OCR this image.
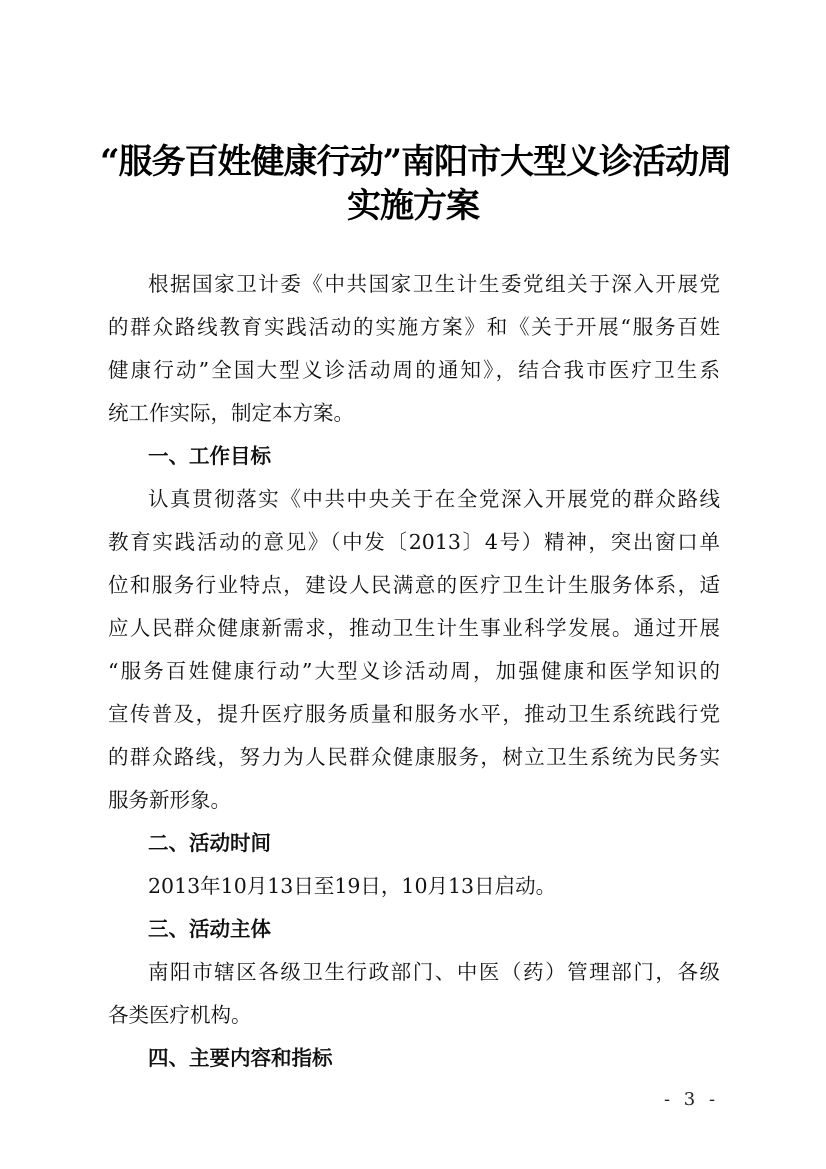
“服务百姓健康行动”南阳市大型义诊活动周
实施方案
根据国家卫计委《中共国家卫生计生委党组关于深入开展党
的群众路线教育实践活动的实施方案》和《关于开展“服务百姓
健康行动”全国大型义诊活动周的通知》，结合我市医疗卫生系
统工作实际，制定本方案。
一、工作目标
认真贯彻落实《中共中央关于在全党深入开展党的群众路线
教育实践活动的意见》（中发〔2013〕4号）精神，突出窗口单
位和服务行业特点，建设人民满意的医疗卫生计生服务体系，适
应人民群众健康新需求，推动卫生计生事业科学发展。通过开展
“服务百姓健康行动”大型义诊活动周，加强健康和医学知识的
宣传普及，提升医疗服务质量和服务水平，推动卫生系统践行党
的群众路线，努力为人民群众健康服务，树立卫生系统为民务实
服务新形象。
二、活动时间
2013年10月13日至19日，10月13日启动。
三、活动主体
南阳市辖区各级卫生行政部门、中医（药）管理部门，各级
各类医疗机构。
四、主要内容和指标
- 3 -
